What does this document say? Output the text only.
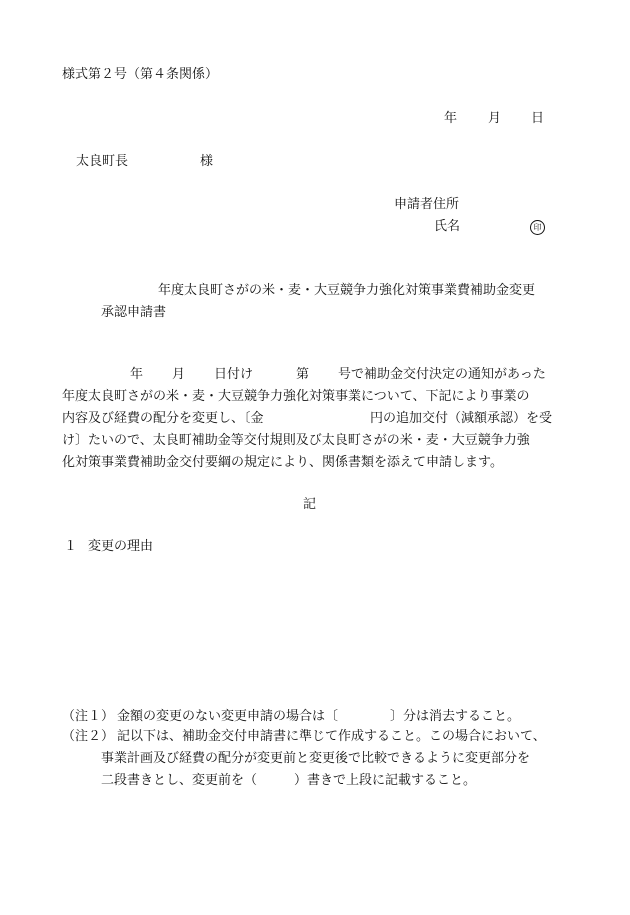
様式第２号（第４条関係）
年 月 日
太良町長	様
申請者住所
氏名	印
年度太良町さがの米・麦・大豆競争力強化対策事業費補助金変更
承認申請書
年 月 日付け	第 号で補助金交付決定の通知があった
年度太良町さがの米・麦・大豆競争力強化対策事業について、下記により事業の
内容及び経費の配分を変更し、〔金	円の追加交付（減額承認）を受
け〕たいので、太良町補助金等交付規則及び太良町さがの米・麦・大豆競争力強
化対策事業費補助金交付要綱の規定により、関係書類を添えて申請します。
記
１ 変更の理由
（注１） 金額の変更のない変更申請の場合は〔	〕分は消去すること。
（注２） 記以下は、補助金交付申請書に準じて作成すること。この場合において、
事業計画及び経費の配分が変更前と変更後で比較できるように変更部分を
二段書きとし、変更前を（	）書きで上段に記載すること。
